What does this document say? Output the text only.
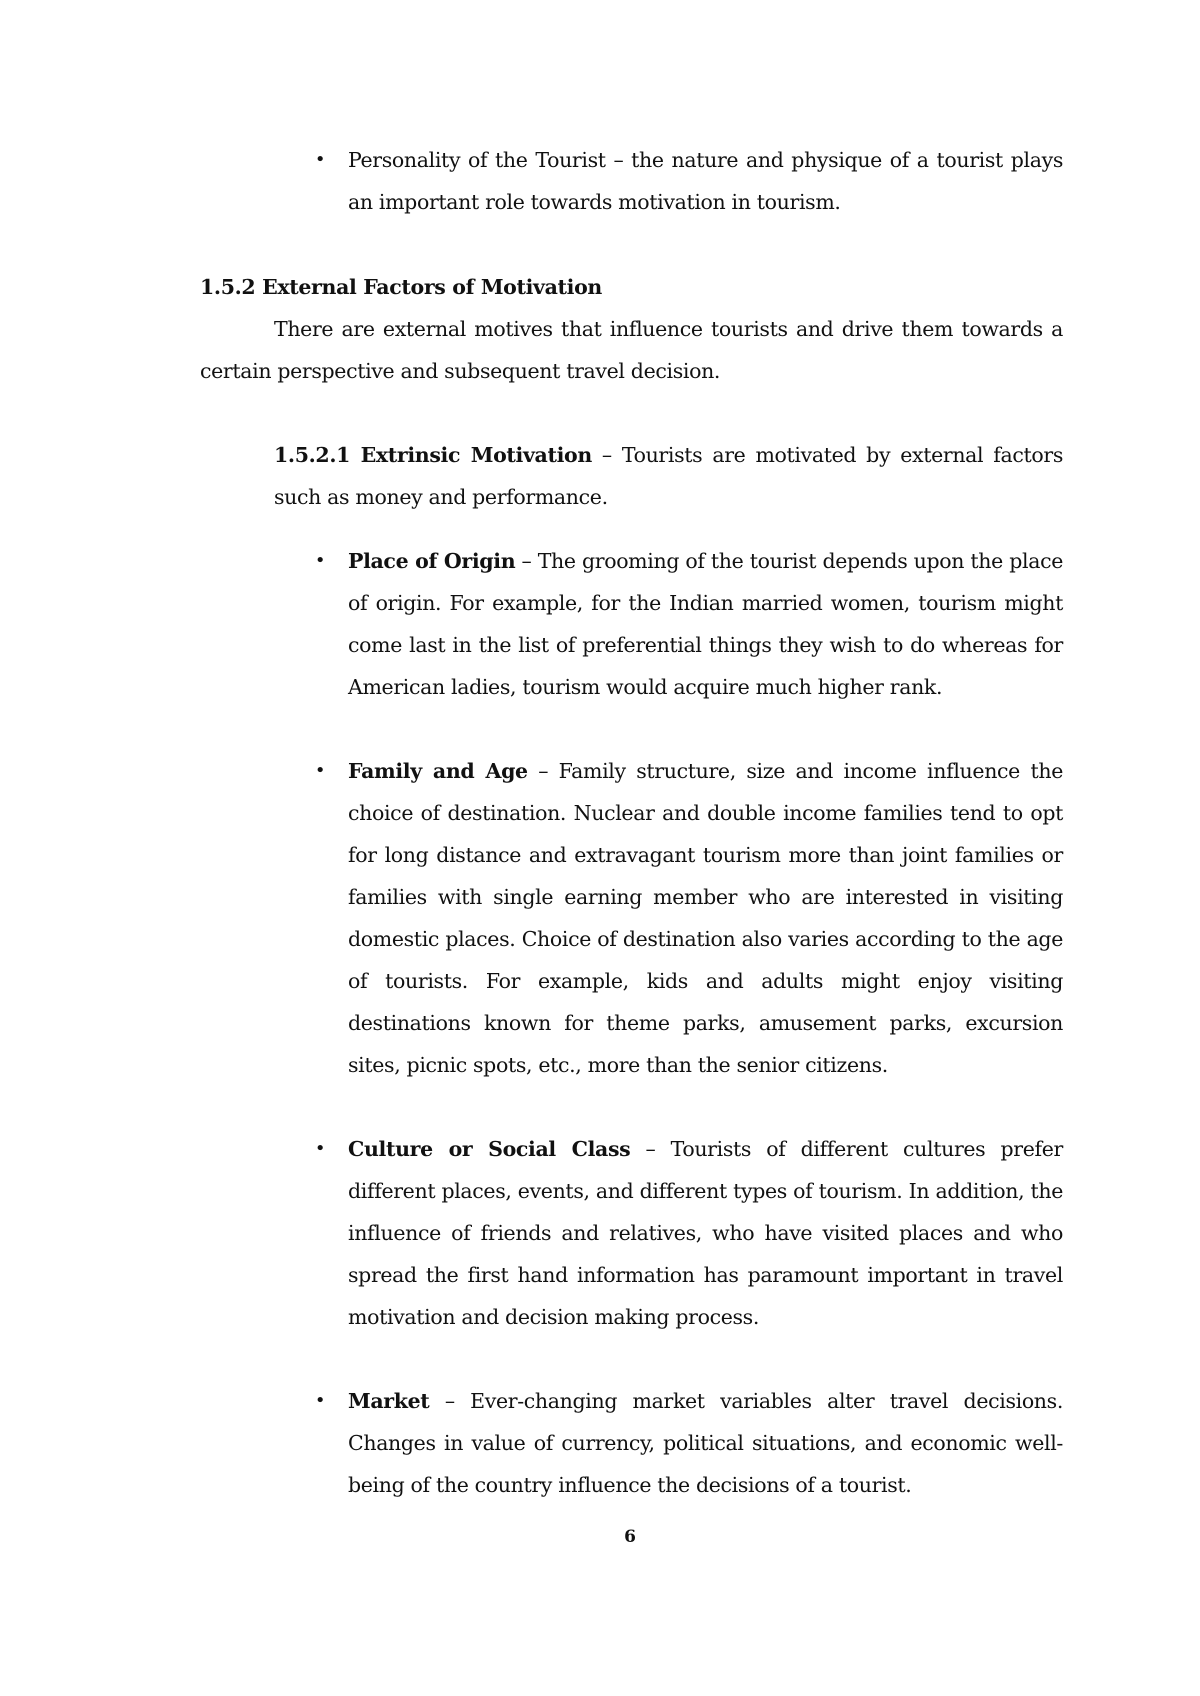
• Personality of the Tourist – the nature and physique of a tourist plays an important role towards motivation in tourism.
1.5.2 External Factors of Motivation
There are external motives that influence tourists and drive them towards a certain perspective and subsequent travel decision.
1.5.2.1 Extrinsic Motivation – Tourists are motivated by external factors such as money and performance.
• Place of Origin – The grooming of the tourist depends upon the place of origin. For example, for the Indian married women, tourism might come last in the list of preferential things they wish to do whereas for American ladies, tourism would acquire much higher rank.
• Family and Age – Family structure, size and income influence the choice of destination. Nuclear and double income families tend to opt for long distance and extravagant tourism more than joint families or families with single earning member who are interested in visiting domestic places. Choice of destination also varies according to the age of tourists. For example, kids and adults might enjoy visiting destinations known for theme parks, amusement parks, excursion sites, picnic spots, etc., more than the senior citizens.
• Culture or Social Class – Tourists of different cultures prefer different places, events, and different types of tourism. In addition, the influence of friends and relatives, who have visited places and who spread the first hand information has paramount important in travel motivation and decision making process.
• Market – Ever-changing market variables alter travel decisions. Changes in value of currency, political situations, and economic well-being of the country influence the decisions of a tourist.
6
